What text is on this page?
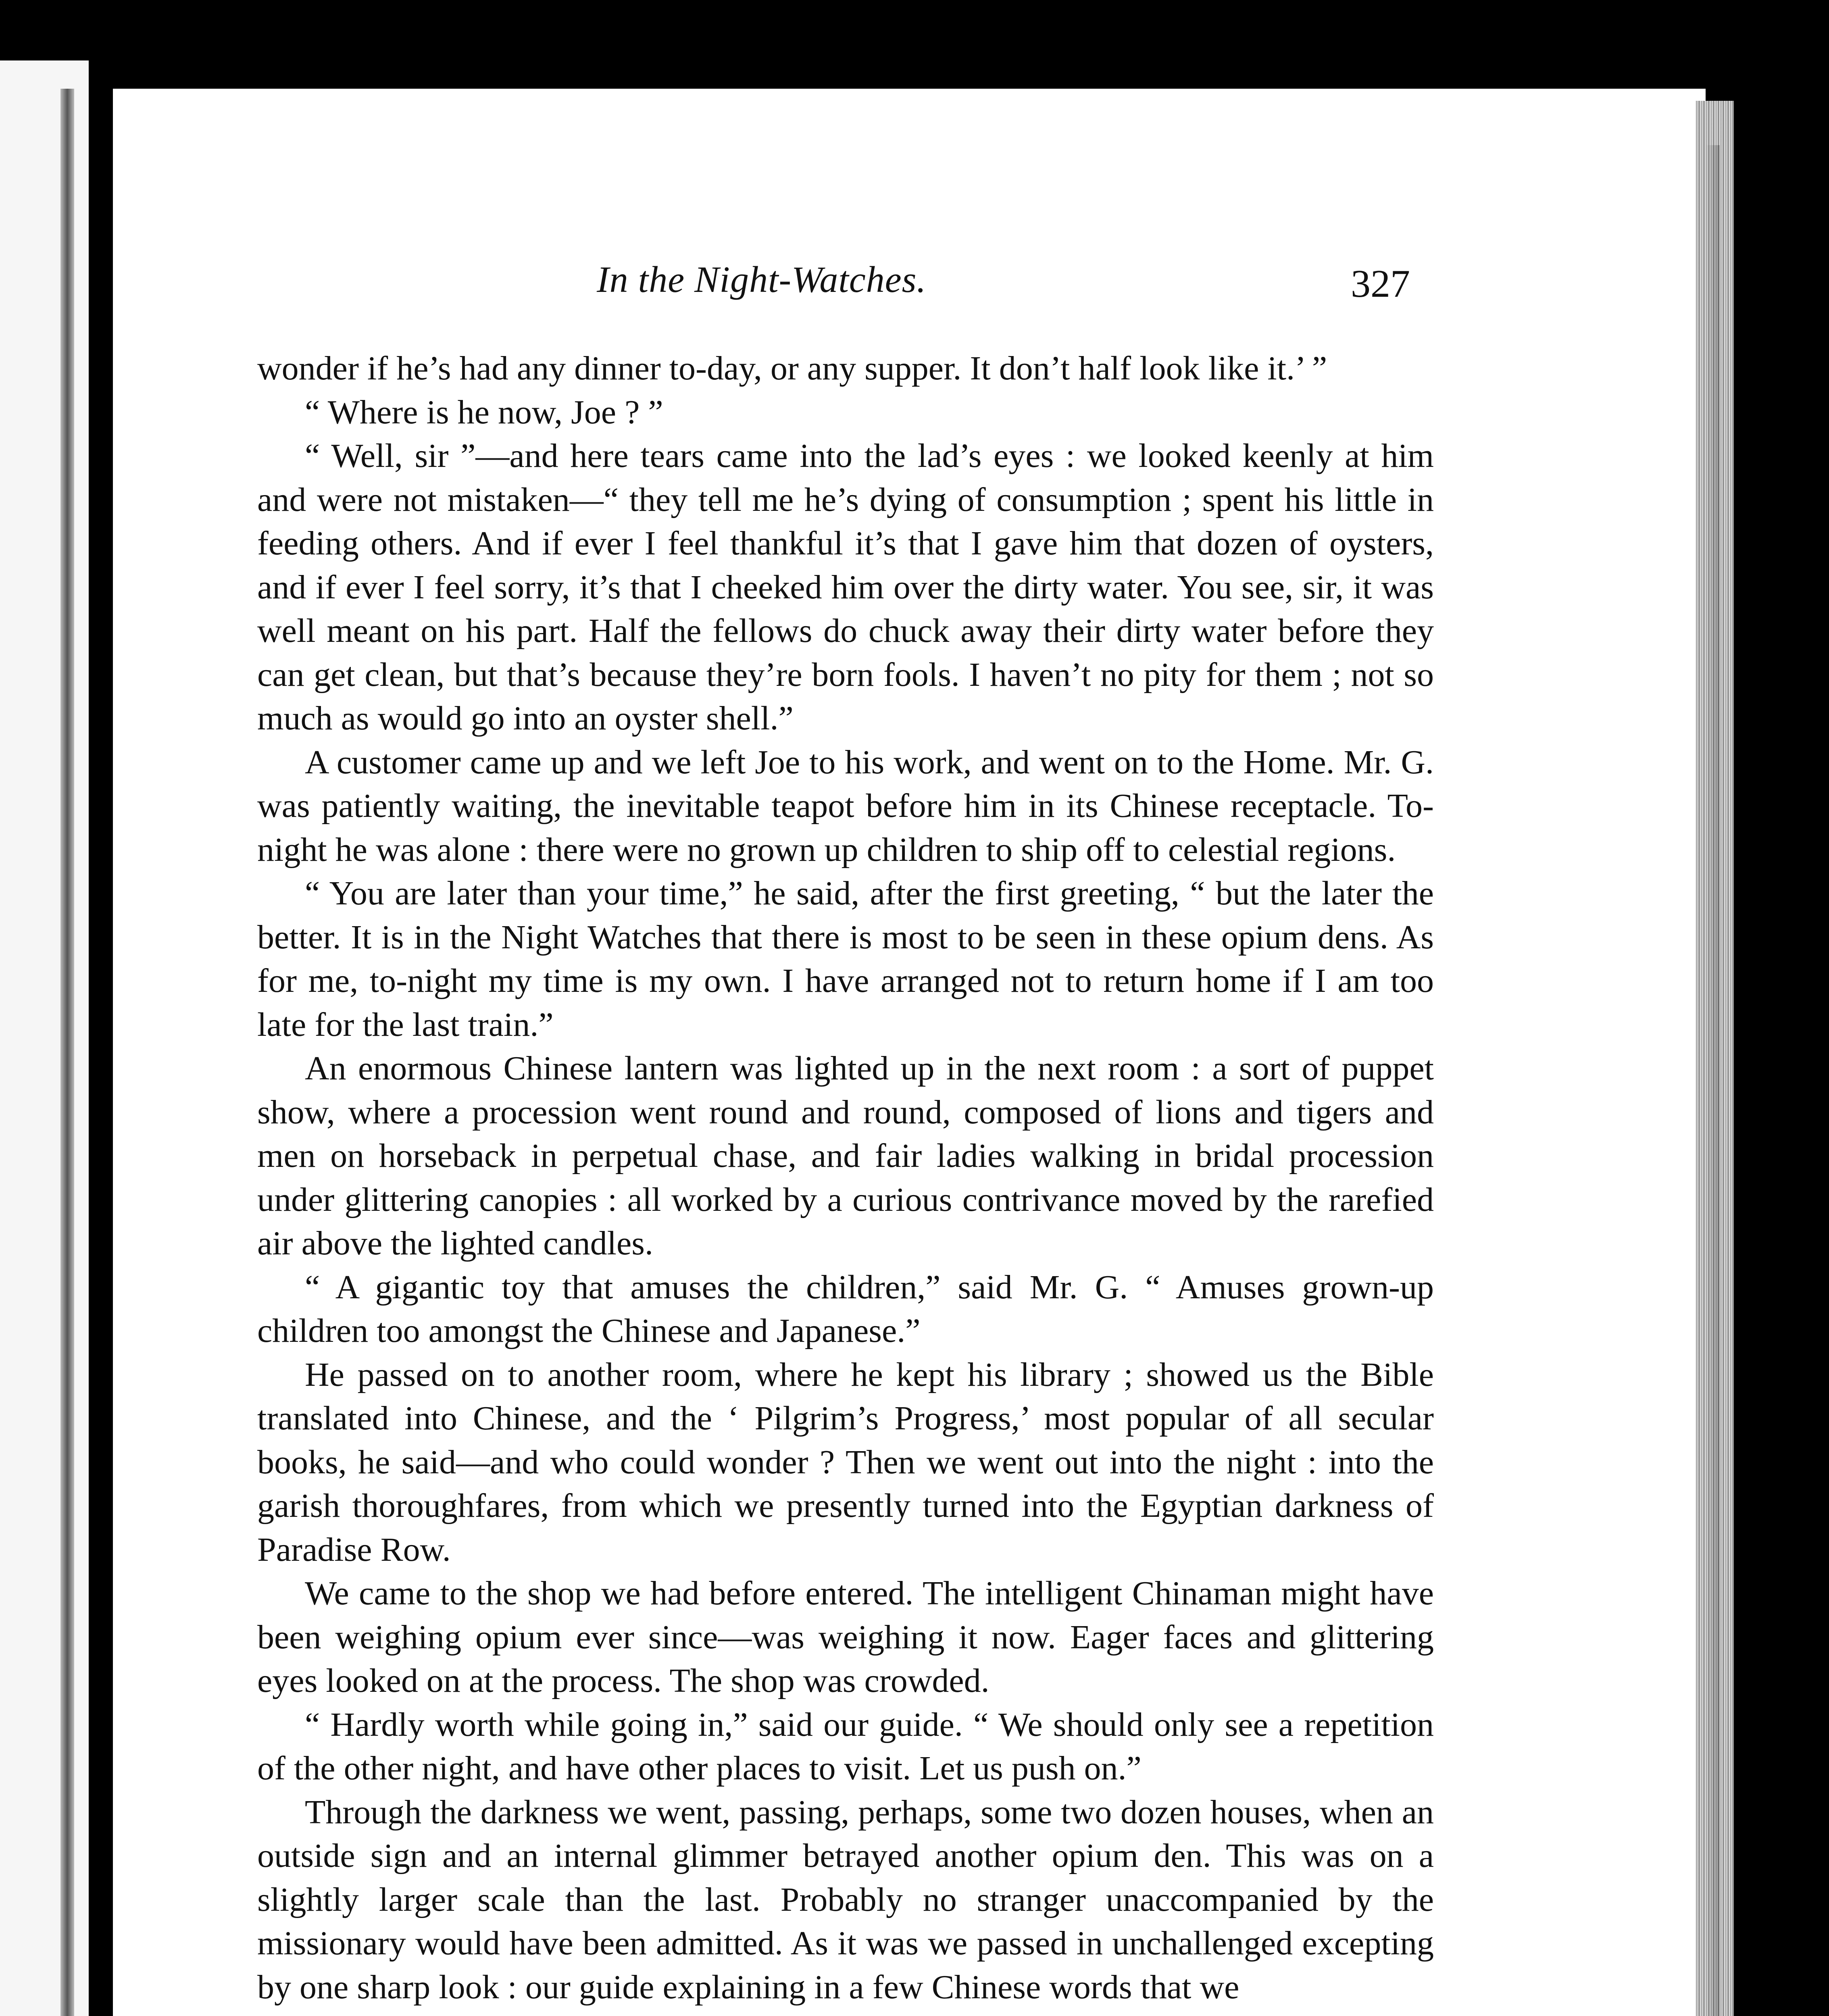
In the Night-Watches.	327

wonder if he’s had any dinner to-day, or any supper. It don’t half look like it.’ ”

“ Where is he now, Joe ? ”

“ Well, sir ”—and here tears came into the lad’s eyes : we looked keenly at him and were not mistaken—“ they tell me he’s dying of consumption ; spent his little in feeding others. And if ever I feel thankful it’s that I gave him that dozen of oysters, and if ever I feel sorry, it’s that I cheeked him over the dirty water. You see, sir, it was well meant on his part. Half the fellows do chuck away their dirty water before they can get clean, but that’s because they’re born fools. I haven’t no pity for them ; not so much as would go into an oyster shell.”

A customer came up and we left Joe to his work, and went on to the Home. Mr. G. was patiently waiting, the inevitable teapot before him in its Chinese receptacle. To-night he was alone : there were no grown up children to ship off to celestial regions.

“ You are later than your time,” he said, after the first greeting, “ but the later the better. It is in the Night Watches that there is most to be seen in these opium dens. As for me, to-night my time is my own. I have arranged not to return home if I am too late for the last train.”

An enormous Chinese lantern was lighted up in the next room : a sort of puppet show, where a procession went round and round, composed of lions and tigers and men on horseback in perpetual chase, and fair ladies walking in bridal procession under glittering canopies : all worked by a curious contrivance moved by the rarefied air above the lighted candles.

“ A gigantic toy that amuses the children,” said Mr. G. “ Amuses grown-up children too amongst the Chinese and Japanese.”

He passed on to another room, where he kept his library ; showed us the Bible translated into Chinese, and the ‘ Pilgrim’s Progress,’ most popular of all secular books, he said—and who could wonder ? Then we went out into the night : into the garish thoroughfares, from which we presently turned into the Egyptian darkness of Paradise Row.

We came to the shop we had before entered. The intelligent Chinaman might have been weighing opium ever since—was weighing it now. Eager faces and glittering eyes looked on at the process. The shop was crowded.

“ Hardly worth while going in,” said our guide. “ We should only see a repetition of the other night, and have other places to visit. Let us push on.”

Through the darkness we went, passing, perhaps, some two dozen houses, when an outside sign and an internal glimmer betrayed another opium den. This was on a slightly larger scale than the last. Probably no stranger unaccompanied by the missionary would have been admitted. As it was we passed in unchallenged excepting by one sharp look : our guide explaining in a few Chinese words that we
